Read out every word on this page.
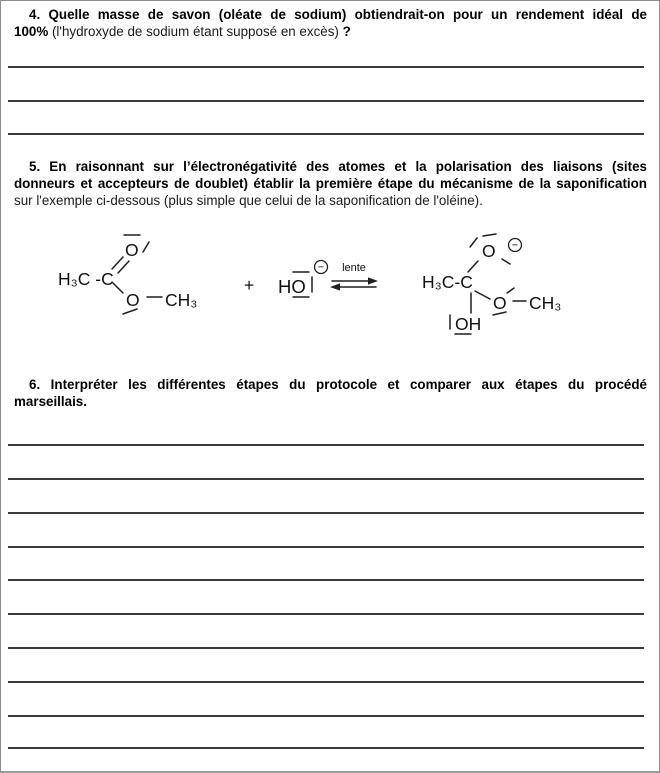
4. Quelle masse de savon (oléate de sodium) obtiendrait-on pour un rendement idéal de
100% (l'hydroxyde de sodium étant supposé en excès) ?
5. En raisonnant sur l’électronégativité des atomes et la polarisation des liaisons (sites
donneurs et accepteurs de doublet) établir la première étape du mécanisme de la saponification
sur l'exemple ci-dessous (plus simple que celui de la saponification de l'oléine).
H₃C -C
O
O CH₃
+ HO
− lente
H₃C-C
O −
O CH₃
OH
6. Interpréter les différentes étapes du protocole et comparer aux étapes du procédé
marseillais.
